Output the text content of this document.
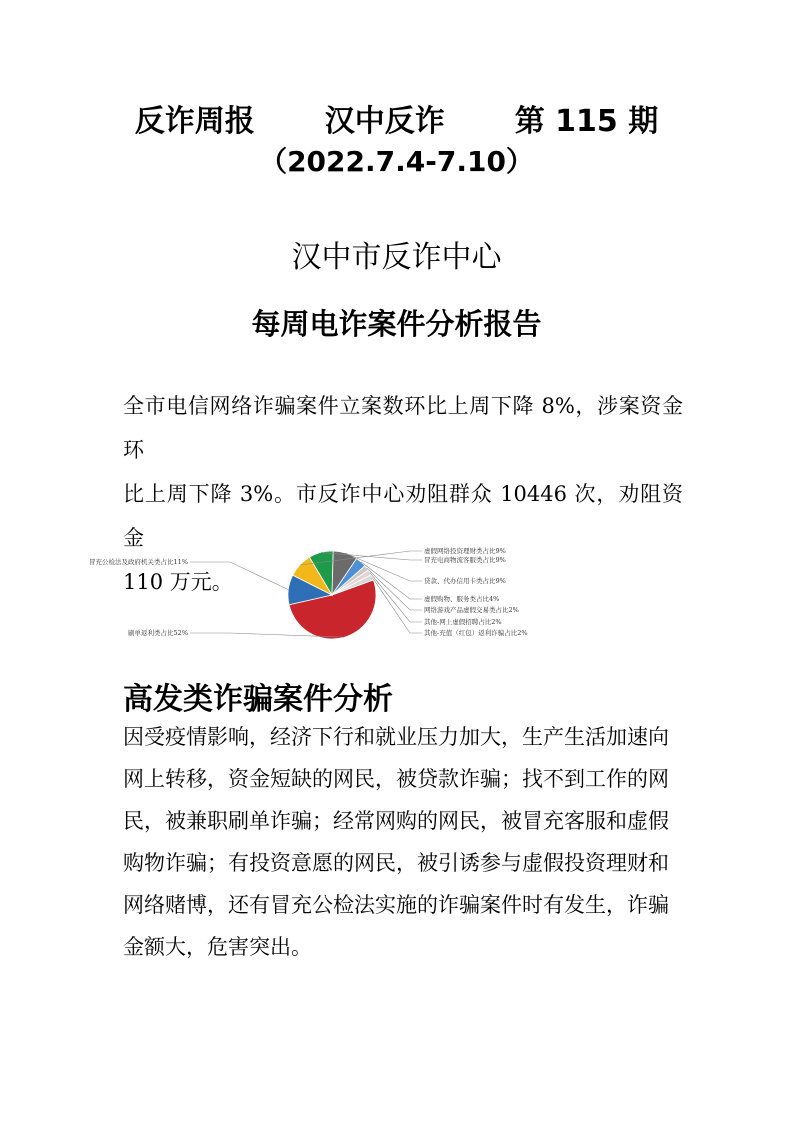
反诈周报 汉中反诈 第 115 期
（2022.7.4-7.10）
汉中市反诈中心
每周电诈案件分析报告
全市电信网络诈骗案件立案数环比上周下降 8%，涉案资金环
比上周下降 3%。市反诈中心劝阻群众 10446 次，劝阻资金
110 万元。
刷单返利类占比52%
冒充公检法及政府机关类占比11%
虚假网络投资理财类占比9%
冒充电商物流客服类占比9%
贷款、代办信用卡类占比9%
虚假购物、服务类占比4%
网络游戏产品虚假交易类占比2%
其他-网上虚假招聘占比2%
其他-充值（红包）返利诈骗占比2%
高发类诈骗案件分析
因受疫情影响，经济下行和就业压力加大，生产生活加速向
网上转移，资金短缺的网民，被贷款诈骗；找不到工作的网
民，被兼职刷单诈骗；经常网购的网民，被冒充客服和虚假
购物诈骗；有投资意愿的网民，被引诱参与虚假投资理财和
网络赌博，还有冒充公检法实施的诈骗案件时有发生，诈骗
金额大，危害突出。
